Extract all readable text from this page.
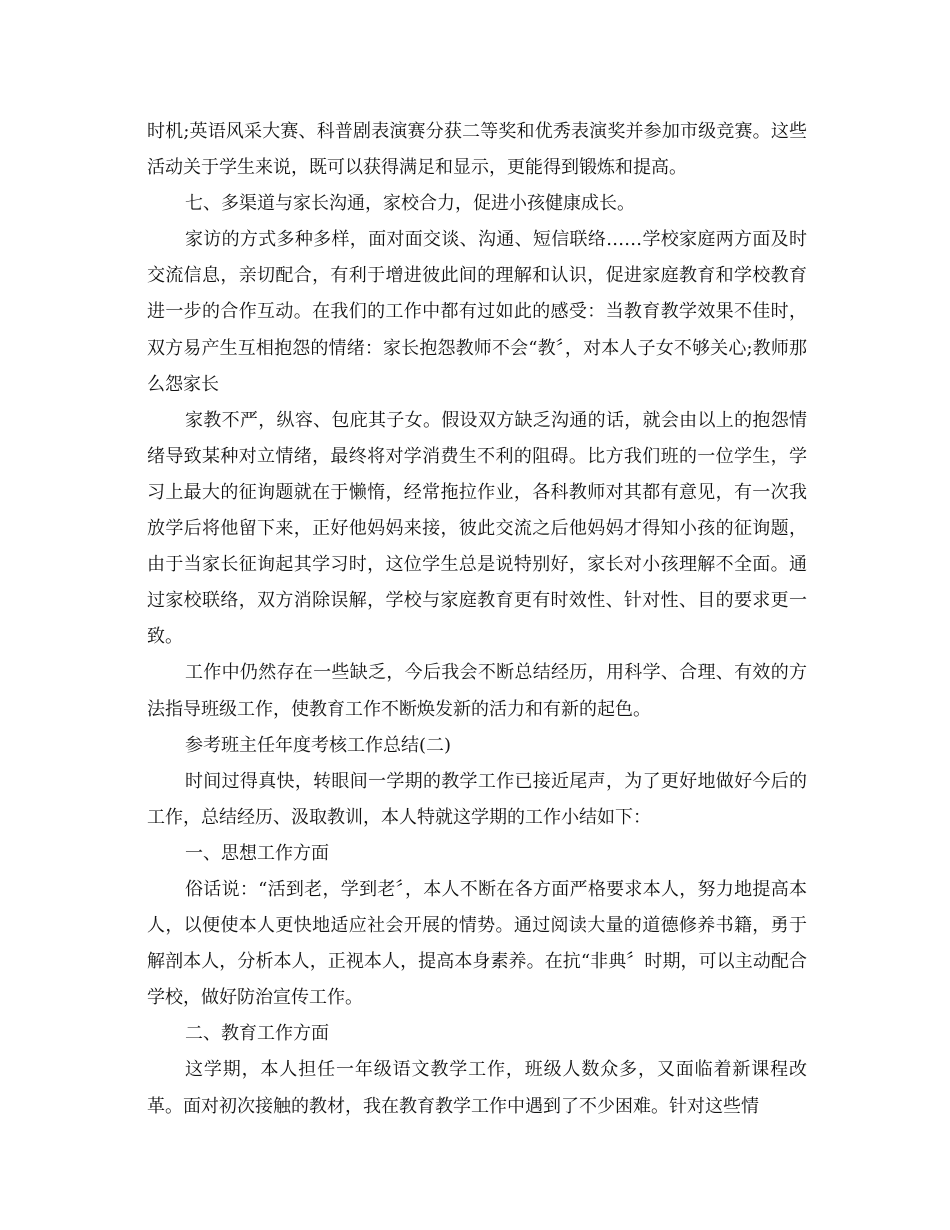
时机;英语风采大赛、科普剧表演赛分获二等奖和优秀表演奖并参加市级竞赛。这些活动关于学生来说，既可以获得满足和显示，更能得到锻炼和提高。

七、多渠道与家长沟通，家校合力，促进小孩健康成长。

家访的方式多种多样，面对面交谈、沟通、短信联络……学校家庭两方面及时交流信息，亲切配合，有利于增进彼此间的理解和认识，促进家庭教育和学校教育进一步的合作互动。在我们的工作中都有过如此的感受：当教育教学效果不佳时，双方易产生互相抱怨的情绪：家长抱怨教师不会“教〞，对本人子女不够关心;教师那么怨家长

家教不严，纵容、包庇其子女。假设双方缺乏沟通的话，就会由以上的抱怨情绪导致某种对立情绪，最终将对学消费生不利的阻碍。比方我们班的一位学生，学习上最大的征询题就在于懒惰，经常拖拉作业，各科教师对其都有意见，有一次我放学后将他留下来，正好他妈妈来接，彼此交流之后他妈妈才得知小孩的征询题，由于当家长征询起其学习时，这位学生总是说特别好，家长对小孩理解不全面。通过家校联络，双方消除误解，学校与家庭教育更有时效性、针对性、目的要求更一致。

工作中仍然存在一些缺乏，今后我会不断总结经历，用科学、合理、有效的方法指导班级工作，使教育工作不断焕发新的活力和有新的起色。

参考班主任年度考核工作总结(二)

时间过得真快，转眼间一学期的教学工作已接近尾声，为了更好地做好今后的工作，总结经历、汲取教训，本人特就这学期的工作小结如下：

一、思想工作方面

俗话说：“活到老，学到老〞，本人不断在各方面严格要求本人，努力地提高本人，以便使本人更快地适应社会开展的情势。通过阅读大量的道德修养书籍，勇于解剖本人，分析本人，正视本人，提高本身素养。在抗“非典〞时期，可以主动配合学校，做好防治宣传工作。

二、教育工作方面

这学期，本人担任一年级语文教学工作，班级人数众多，又面临着新课程改革。面对初次接触的教材，我在教育教学工作中遇到了不少困难。针对这些情
